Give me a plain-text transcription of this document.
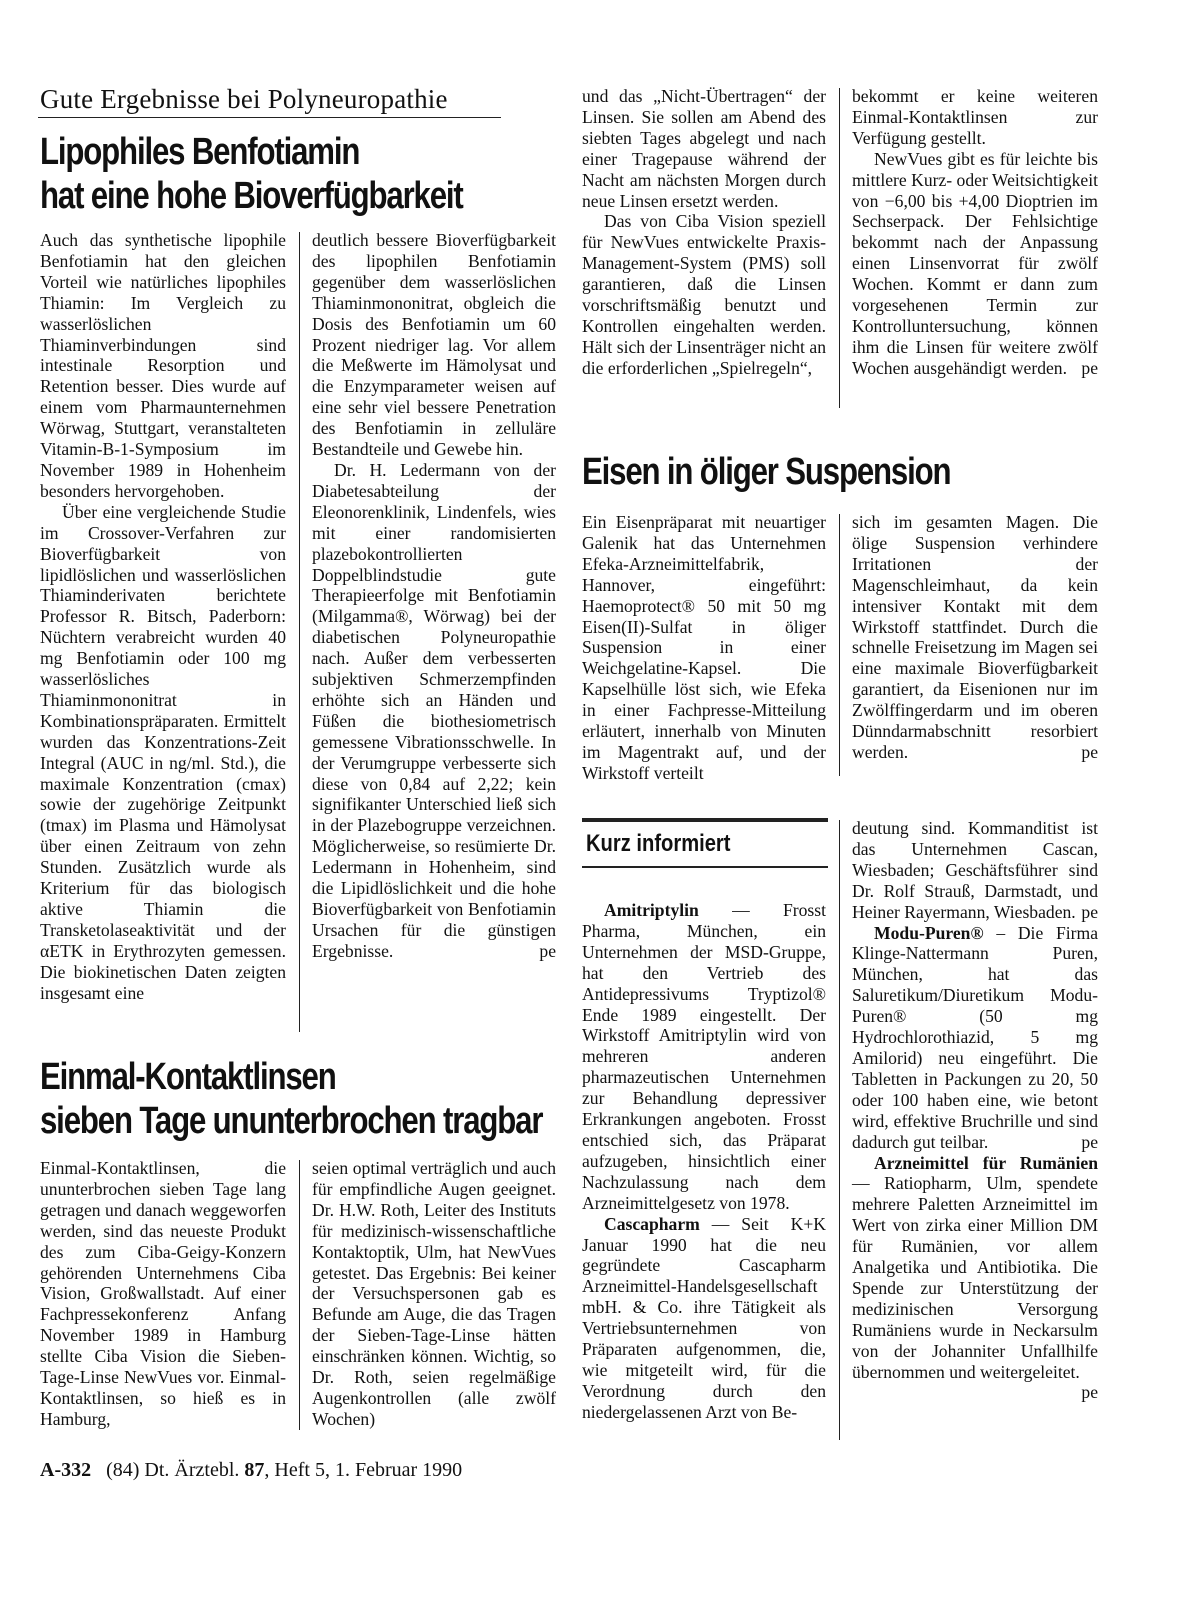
Gute Ergebnisse bei Polyneuropathie
Lipophiles Benfotiamin
hat eine hohe Bioverfügbarkeit

Auch das synthetische lipophile Benfotiamin hat den gleichen Vorteil wie natürliches lipophiles Thiamin: Im Vergleich zu wasserlöslichen Thiaminverbindungen sind intestinale Resorption und Retention besser. Dies wurde auf einem vom Pharmaunternehmen Wörwag, Stuttgart, veranstalteten Vitamin-B-1-Symposium im November 1989 in Hohenheim besonders hervorgehoben.

Über eine vergleichende Studie im Crossover-Verfahren zur Bioverfügbarkeit von lipidlöslichen und wasserlöslichen Thiaminderivaten berichtete Professor R. Bitsch, Paderborn: Nüchtern verabreicht wurden 40 mg Benfotiamin oder 100 mg wasserlösliches Thiaminmononitrat in Kombinationspräparaten. Ermittelt wurden das Konzentrations-Zeit Integral (AUC in ng/ml. Std.), die maximale Konzentration (cmax) sowie der zugehörige Zeitpunkt (tmax) im Plasma und Hämolysat über einen Zeitraum von zehn Stunden. Zusätzlich wurde als Kriterium für das biologisch aktive Thiamin die Transketolaseaktivität und der αETK in Erythrozyten gemessen. Die biokinetischen Daten zeigten insgesamt eine

deutlich bessere Bioverfügbarkeit des lipophilen Benfotiamin gegenüber dem wasserlöslichen Thiaminmononitrat, obgleich die Dosis des Benfotiamin um 60 Prozent niedriger lag. Vor allem die Meßwerte im Hämolysat und die Enzymparameter weisen auf eine sehr viel bessere Penetration des Benfotiamin in zelluläre Bestandteile und Gewebe hin.

Dr. H. Ledermann von der Diabetesabteilung der Eleonorenklinik, Lindenfels, wies mit einer randomisierten plazebokontrollierten Doppelblindstudie gute Therapieerfolge mit Benfotiamin (Milgamma®, Wörwag) bei der diabetischen Polyneuropathie nach. Außer dem verbesserten subjektiven Schmerzempfinden erhöhte sich an Händen und Füßen die biothesiometrisch gemessene Vibrationsschwelle. In der Verumgruppe verbesserte sich diese von 0,84 auf 2,22; kein signifikanter Unterschied ließ sich in der Plazebogruppe verzeichnen. Möglicherweise, so resümierte Dr. Ledermann in Hohenheim, sind die Lipidlöslichkeit und die hohe Bioverfügbarkeit von Benfotiamin Ursachen für die günstigen Ergebnisse.	pe
Einmal-Kontaktlinsen
sieben Tage ununterbrochen tragbar

Einmal-Kontaktlinsen, die ununterbrochen sieben Tage lang getragen und danach weggeworfen werden, sind das neueste Produkt des zum Ciba-Geigy-Konzern gehörenden Unternehmens Ciba Vision, Großwallstadt. Auf einer Fachpressekonferenz Anfang November 1989 in Hamburg stellte Ciba Vision die Sieben-Tage-Linse NewVues vor. Einmal-Kontaktlinsen, so hieß es in Hamburg,

seien optimal verträglich und auch für empfindliche Augen geeignet. Dr. H.W. Roth, Leiter des Instituts für medizinisch-wissenschaftliche Kontaktoptik, Ulm, hat NewVues getestet. Das Ergebnis: Bei keiner der Versuchspersonen gab es Befunde am Auge, die das Tragen der Sieben-Tage-Linse hätten einschränken können. Wichtig, so Dr. Roth, seien regelmäßige Augenkontrollen (alle zwölf Wochen)

und das „Nicht-Übertragen“ der Linsen. Sie sollen am Abend des siebten Tages abgelegt und nach einer Tragepause während der Nacht am nächsten Morgen durch neue Linsen ersetzt werden.

Das von Ciba Vision speziell für NewVues entwickelte Praxis-Management-System (PMS) soll garantieren, daß die Linsen vorschriftsmäßig benutzt und Kontrollen eingehalten werden. Hält sich der Linsenträger nicht an die erforderlichen „Spielregeln“,

bekommt er keine weiteren Einmal-Kontaktlinsen zur Verfügung gestellt.

NewVues gibt es für leichte bis mittlere Kurz- oder Weitsichtigkeit von −6,00 bis +4,00 Dioptrien im Sechserpack. Der Fehlsichtige bekommt nach der Anpassung einen Linsenvorrat für zwölf Wochen. Kommt er dann zum vorgesehenen Termin zur Kontrolluntersuchung, können ihm die Linsen für weitere zwölf Wochen ausgehändigt werden. pe
Eisen in öliger Suspension

Ein Eisenpräparat mit neuartiger Galenik hat das Unternehmen Efeka-Arzneimittelfabrik, Hannover, eingeführt: Haemoprotect® 50 mit 50 mg Eisen(II)-Sulfat in öliger Suspension in einer Weichgelatine-Kapsel. Die Kapselhülle löst sich, wie Efeka in einer Fachpresse-Mitteilung erläutert, innerhalb von Minuten im Magentrakt auf, und der Wirkstoff verteilt

sich im gesamten Magen. Die ölige Suspension verhindere Irritationen der Magenschleimhaut, da kein intensiver Kontakt mit dem Wirkstoff stattfindet. Durch die schnelle Freisetzung im Magen sei eine maximale Bioverfügbarkeit garantiert, da Eisenionen nur im Zwölffingerdarm und im oberen Dünndarmabschnitt resorbiert werden.	pe
Kurz informiert

Amitriptylin — Frosst Pharma, München, ein Unternehmen der MSD-Gruppe, hat den Vertrieb des Antidepressivums Tryptizol® Ende 1989 eingestellt. Der Wirkstoff Amitriptylin wird von mehreren anderen pharmazeutischen Unternehmen zur Behandlung depressiver Erkrankungen angeboten. Frosst entschied sich, das Präparat aufzugeben, hinsichtlich einer Nachzulassung nach dem Arzneimittelgesetz von 1978.
K+K

Cascapharm — Seit Januar 1990 hat die neu gegründete Cascapharm Arzneimittel-Handelsgesellschaft mbH. & Co. ihre Tätigkeit als Vertriebsunternehmen von Präparaten aufgenommen, die, wie mitgeteilt wird, für die Verordnung durch den niedergelassenen Arzt von Be-

deutung sind. Kommanditist ist das Unternehmen Cascan, Wiesbaden; Geschäftsführer sind Dr. Rolf Strauß, Darmstadt, und Heiner Rayermann, Wiesbaden. pe

Modu-Puren® – Die Firma Klinge-Nattermann Puren, München, hat das Saluretikum/Diuretikum Modu-Puren® (50 mg Hydrochlorothiazid, 5 mg Amilorid) neu eingeführt. Die Tabletten in Packungen zu 20, 50 oder 100 haben eine, wie betont wird, effektive Bruchrille und sind dadurch gut teilbar.	pe

Arzneimittel für Rumänien — Ratiopharm, Ulm, spendete mehrere Paletten Arzneimittel im Wert von zirka einer Million DM für Rumänien, vor allem Analgetika und Antibiotika. Die Spende zur Unterstützung der medizinischen Versorgung Rumäniens wurde in Neckarsulm von der Johanniter Unfallhilfe übernommen und weitergeleitet.
pe

A-332 (84) Dt. Ärztebl. 87, Heft 5, 1. Februar 1990
